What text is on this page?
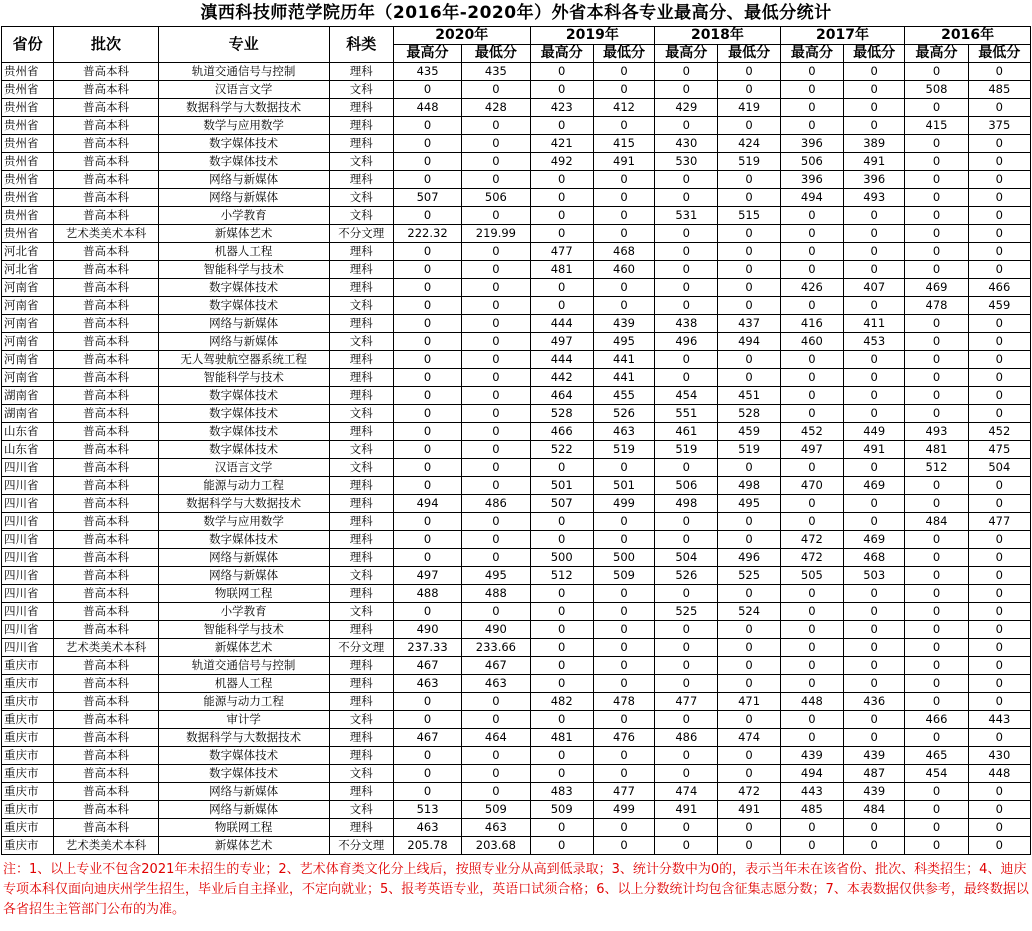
滇西科技师范学院历年（2016年-2020年）外省本科各专业最高分、最低分统计
省份	批次	专业	科类	2020年		2019年		2018年		2017年		2016年	
				最高分	最低分	最高分	最低分	最高分	最低分	最高分	最低分	最高分	最低分
贵州省	普高本科	轨道交通信号与控制	理科	435	435	0	0	0	0	0	0	0	0
贵州省	普高本科	汉语言文学	文科	0	0	0	0	0	0	0	0	508	485
贵州省	普高本科	数据科学与大数据技术	理科	448	428	423	412	429	419	0	0	0	0
贵州省	普高本科	数学与应用数学	理科	0	0	0	0	0	0	0	0	415	375
贵州省	普高本科	数字媒体技术	理科	0	0	421	415	430	424	396	389	0	0
贵州省	普高本科	数字媒体技术	文科	0	0	492	491	530	519	506	491	0	0
贵州省	普高本科	网络与新媒体	理科	0	0	0	0	0	0	396	396	0	0
贵州省	普高本科	网络与新媒体	文科	507	506	0	0	0	0	494	493	0	0
贵州省	普高本科	小学教育	文科	0	0	0	0	531	515	0	0	0	0
贵州省	艺术类美术本科	新媒体艺术	不分文理	222.32	219.99	0	0	0	0	0	0	0	0
河北省	普高本科	机器人工程	理科	0	0	477	468	0	0	0	0	0	0
河北省	普高本科	智能科学与技术	理科	0	0	481	460	0	0	0	0	0	0
河南省	普高本科	数字媒体技术	理科	0	0	0	0	0	0	426	407	469	466
河南省	普高本科	数字媒体技术	文科	0	0	0	0	0	0	0	0	478	459
河南省	普高本科	网络与新媒体	理科	0	0	444	439	438	437	416	411	0	0
河南省	普高本科	网络与新媒体	文科	0	0	497	495	496	494	460	453	0	0
河南省	普高本科	无人驾驶航空器系统工程	理科	0	0	444	441	0	0	0	0	0	0
河南省	普高本科	智能科学与技术	理科	0	0	442	441	0	0	0	0	0	0
湖南省	普高本科	数字媒体技术	理科	0	0	464	455	454	451	0	0	0	0
湖南省	普高本科	数字媒体技术	文科	0	0	528	526	551	528	0	0	0	0
山东省	普高本科	数字媒体技术	理科	0	0	466	463	461	459	452	449	493	452
山东省	普高本科	数字媒体技术	文科	0	0	522	519	519	519	497	491	481	475
四川省	普高本科	汉语言文学	文科	0	0	0	0	0	0	0	0	512	504
四川省	普高本科	能源与动力工程	理科	0	0	501	501	506	498	470	469	0	0
四川省	普高本科	数据科学与大数据技术	理科	494	486	507	499	498	495	0	0	0	0
四川省	普高本科	数学与应用数学	理科	0	0	0	0	0	0	0	0	484	477
四川省	普高本科	数字媒体技术	理科	0	0	0	0	0	0	472	469	0	0
四川省	普高本科	网络与新媒体	理科	0	0	500	500	504	496	472	468	0	0
四川省	普高本科	网络与新媒体	文科	497	495	512	509	526	525	505	503	0	0
四川省	普高本科	物联网工程	理科	488	488	0	0	0	0	0	0	0	0
四川省	普高本科	小学教育	文科	0	0	0	0	525	524	0	0	0	0
四川省	普高本科	智能科学与技术	理科	490	490	0	0	0	0	0	0	0	0
四川省	艺术类美术本科	新媒体艺术	不分文理	237.33	233.66	0	0	0	0	0	0	0	0
重庆市	普高本科	轨道交通信号与控制	理科	467	467	0	0	0	0	0	0	0	0
重庆市	普高本科	机器人工程	理科	463	463	0	0	0	0	0	0	0	0
重庆市	普高本科	能源与动力工程	理科	0	0	482	478	477	471	448	436	0	0
重庆市	普高本科	审计学	文科	0	0	0	0	0	0	0	0	466	443
重庆市	普高本科	数据科学与大数据技术	理科	467	464	481	476	486	474	0	0	0	0
重庆市	普高本科	数字媒体技术	理科	0	0	0	0	0	0	439	439	465	430
重庆市	普高本科	数字媒体技术	文科	0	0	0	0	0	0	494	487	454	448
重庆市	普高本科	网络与新媒体	理科	0	0	483	477	474	472	443	439	0	0
重庆市	普高本科	网络与新媒体	文科	513	509	509	499	491	491	485	484	0	0
重庆市	普高本科	物联网工程	理科	463	463	0	0	0	0	0	0	0	0
重庆市	艺术类美术本科	新媒体艺术	不分文理	205.78	203.68	0	0	0	0	0	0	0	0
注：1、以上专业不包含2021年未招生的专业；2、艺术体育类文化分上线后，按照专业分从高到低录取；3、统计分数中为0的，表示当年未在该省份、批次、科类招生；4、迪庆专项本科仅面向迪庆州学生招生，毕业后自主择业，不定向就业；5、报考英语专业，英语口试须合格；6、以上分数统计均包含征集志愿分数；7、本表数据仅供参考，最终数据以各省招生主管部门公布的为准。
